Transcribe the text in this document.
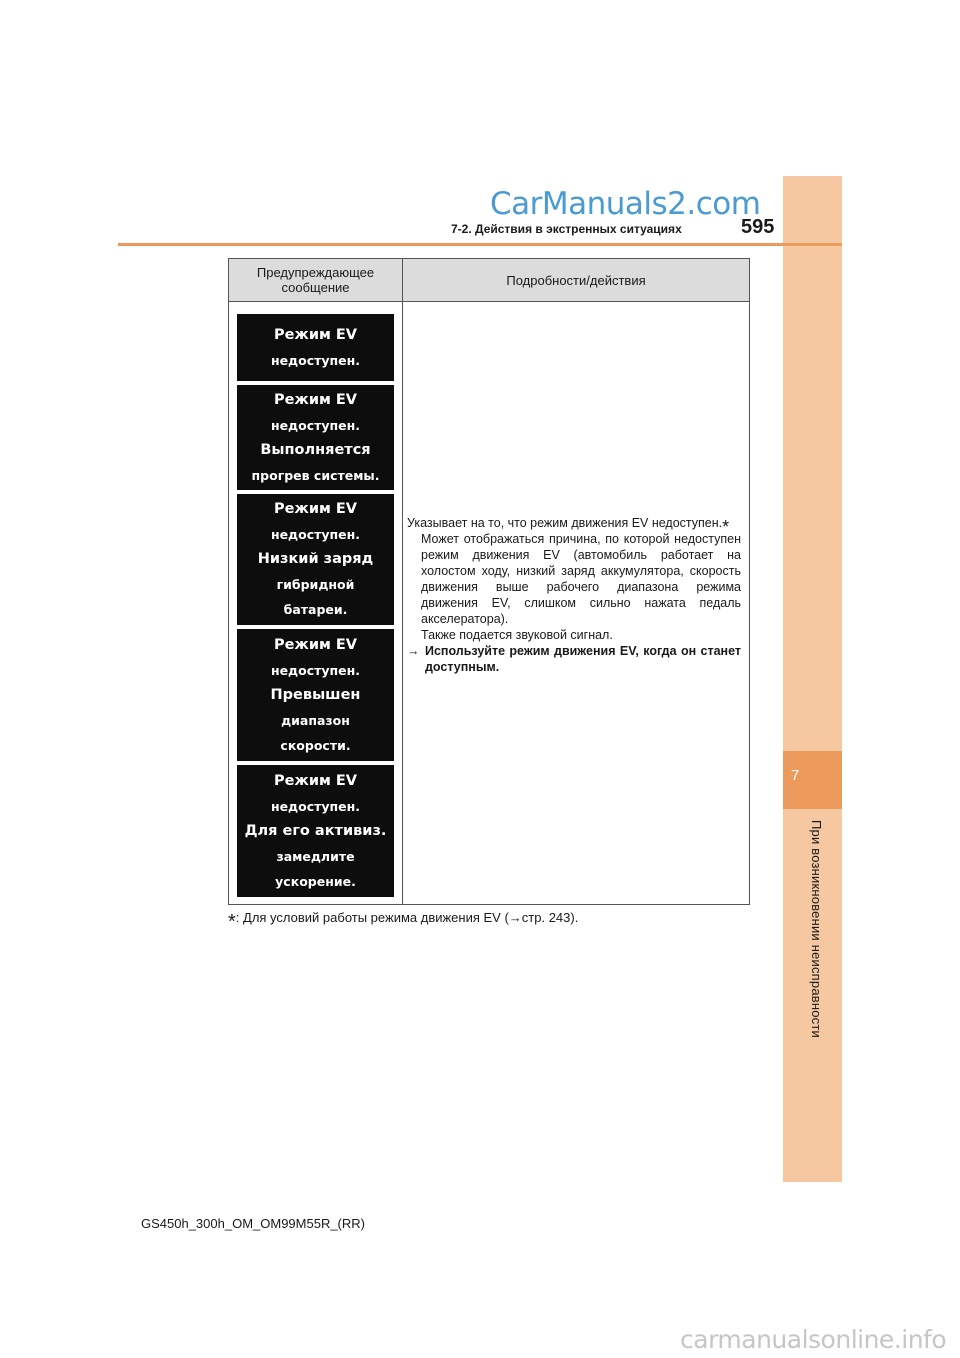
7
При возникновении неисправности
CarManuals2.com
7-2. Действия в экстренных ситуациях	595
Предупреждающее
сообщение	Подробности/действия
Режим EV
недоступен.
Режим EV
недоступен.
Выполняется
прогрев системы.
Режим EV
недоступен.
Низкий заряд
гибридной
батареи.
Режим EV
недоступен.
Превышен
диапазон
скорости.
Режим EV
недоступен.
Для его активиз.
замедлите
ускорение.

Указывает на то, что режим движения EV недоступен.*

Может отображаться причина, по которой недоступен режим движения EV (автомобиль работает на холостом ходу, низкий заряд аккумулятора, скорость движения выше рабочего диапазона режима движения EV, слишком сильно нажата педаль акселератора).

Также подается звуковой сигнал.

→ Используйте режим движения EV, когда он станет доступным.

*: Для условий работы режима движения EV (→стр. 243).
GS450h_300h_OM_OM99M55R_(RR)
carmanualsonline.info
